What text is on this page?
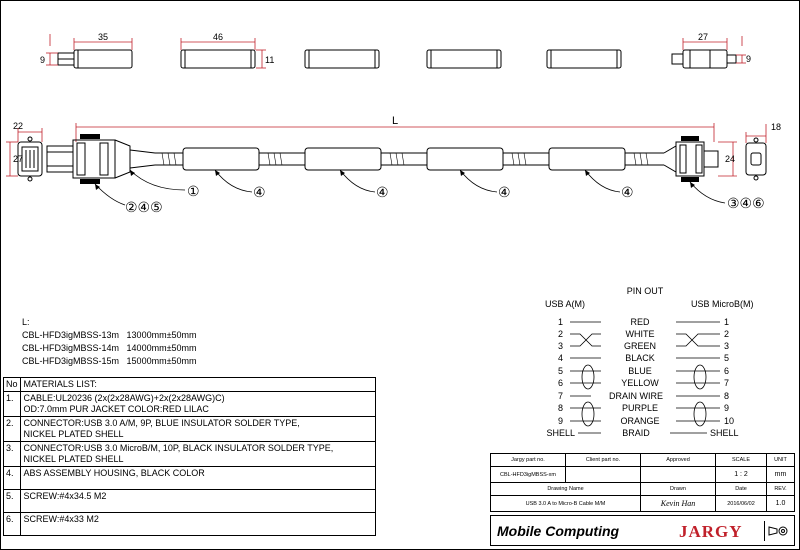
35
9
46
11
27
9
L
22
27	24
18
①	④	④	④	④
②④⑤	③④⑥
PIN OUT
USB A(M)	USB MicroB(M)
1	RED	1
2	WHITE	2
3	GREEN	3
4	BLACK	5
5	BLUE	6
6	YELLOW	7
7	DRAIN WIRE	8
8	PURPLE	9
9	ORANGE	10
SHELL	BRAID	SHELL
L:
CBL-HFD3igMBSS-13m 13000mm±50mm
CBL-HFD3igMBSS-14m 14000mm±50mm
CBL-HFD3igMBSS-15m 15000mm±50mm
No	MATERIALS LIST:
1.	CABLE:UL20236 (2x(2x28AWG)+2x(2x28AWG)C)
OD:7.0mm PUR JACKET COLOR:RED LILAC

2.	CONNECTOR:USB 3.0 A/M, 9P, BLUE INSULATOR SOLDER TYPE,
NICKEL PLATED SHELL

3.	CONNECTOR:USB 3.0 MicroB/M, 10P, BLACK INSULATOR SOLDER TYPE,
NICKEL PLATED SHELL

4.	ABS ASSEMBLY HOUSING, BLACK COLOR

5.	SCREW:#4x34.5 M2

6.	SCREW:#4x33 M2
Jargy part no.	Client part no.	Approved	SCALE	UNIT
CBL-HFD3igMBSS-xm			1 : 2	mm
Drawing Name		Drawn	Date	REV.
USB 3.0 A to Micro-B Cable M/M		Kevin Han	2016/06/02	1.0
Mobile Computing	JARGY
